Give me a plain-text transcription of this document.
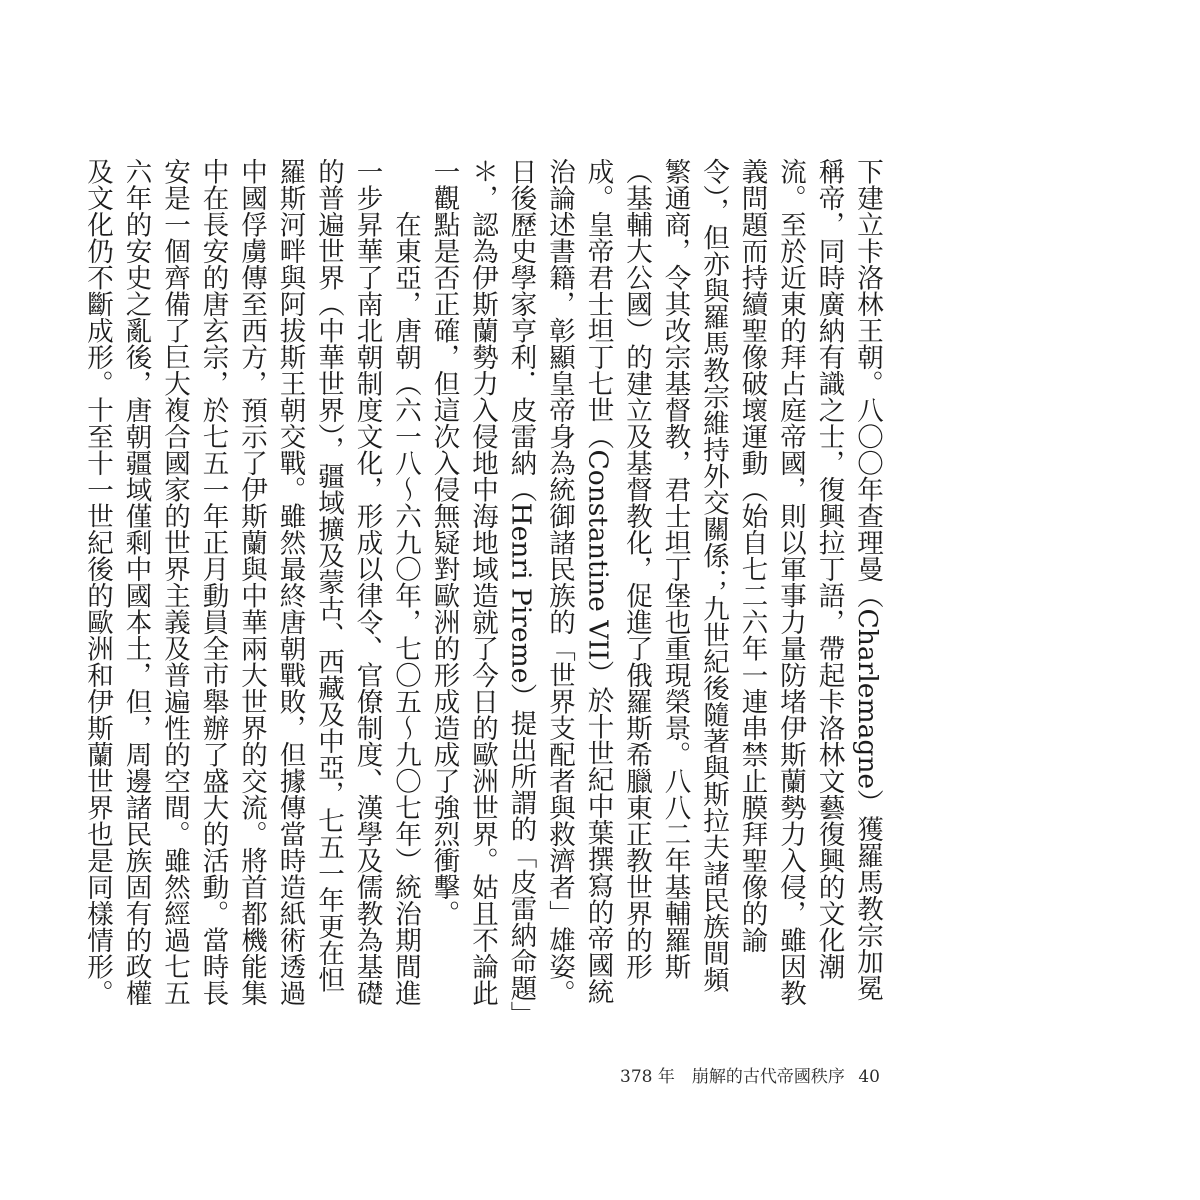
下建立卡洛林王朝。八〇〇年查理曼（Charlemagne）獲羅馬教宗加冕稱帝，同時廣納有識之士，復興拉丁語，帶起卡洛林文藝復興的文化潮流。至於近東的拜占庭帝國，則以軍事力量防堵伊斯蘭勢力入侵，雖因教義問題而持續聖像破壞運動（始自七二六年一連串禁止膜拜聖像的諭令），但亦與羅馬教宗維持外交關係；九世紀後隨著與斯拉夫諸民族間頻繁通商，令其改宗基督教，君士坦丁堡也重現榮景。八八二年基輔羅斯（基輔大公國）的建立及基督教化，促進了俄羅斯希臘東正教世界的形成。皇帝君士坦丁七世（Constantine VII）於十世紀中葉撰寫的帝國統治論述書籍，彰顯皇帝身為統御諸民族的「世界支配者與救濟者」雄姿。日後歷史學家亨利．皮雷納（Henri Pireme）提出所謂的「皮雷納命題」＊，認為伊斯蘭勢力入侵地中海地域造就了今日的歐洲世界。姑且不論此一觀點是否正確，但這次入侵無疑對歐洲的形成造成了強烈衝擊。

在東亞，唐朝（六一八～六九〇年，七〇五～九〇七年）統治期間進一步昇華了南北朝制度文化，形成以律令、官僚制度、漢學及儒教為基礎的普遍世界（中華世界），疆域擴及蒙古、西藏及中亞，七五一年更在怛羅斯河畔與阿拔斯王朝交戰。雖然最終唐朝戰敗，但據傳當時造紙術透過中國俘虜傳至西方，預示了伊斯蘭與中華兩大世界的交流。將首都機能集中在長安的唐玄宗，於七五一年正月動員全市舉辦了盛大的活動。當時長安是一個齊備了巨大複合國家的世界主義及普遍性的空間。雖然經過七五六年的安史之亂後，唐朝疆域僅剩中國本土，但，周邊諸民族固有的政權及文化仍不斷成形。十至十一世紀後的歐洲和伊斯蘭世界也是同樣情形。

378 年　崩解的古代帝國秩序 40
